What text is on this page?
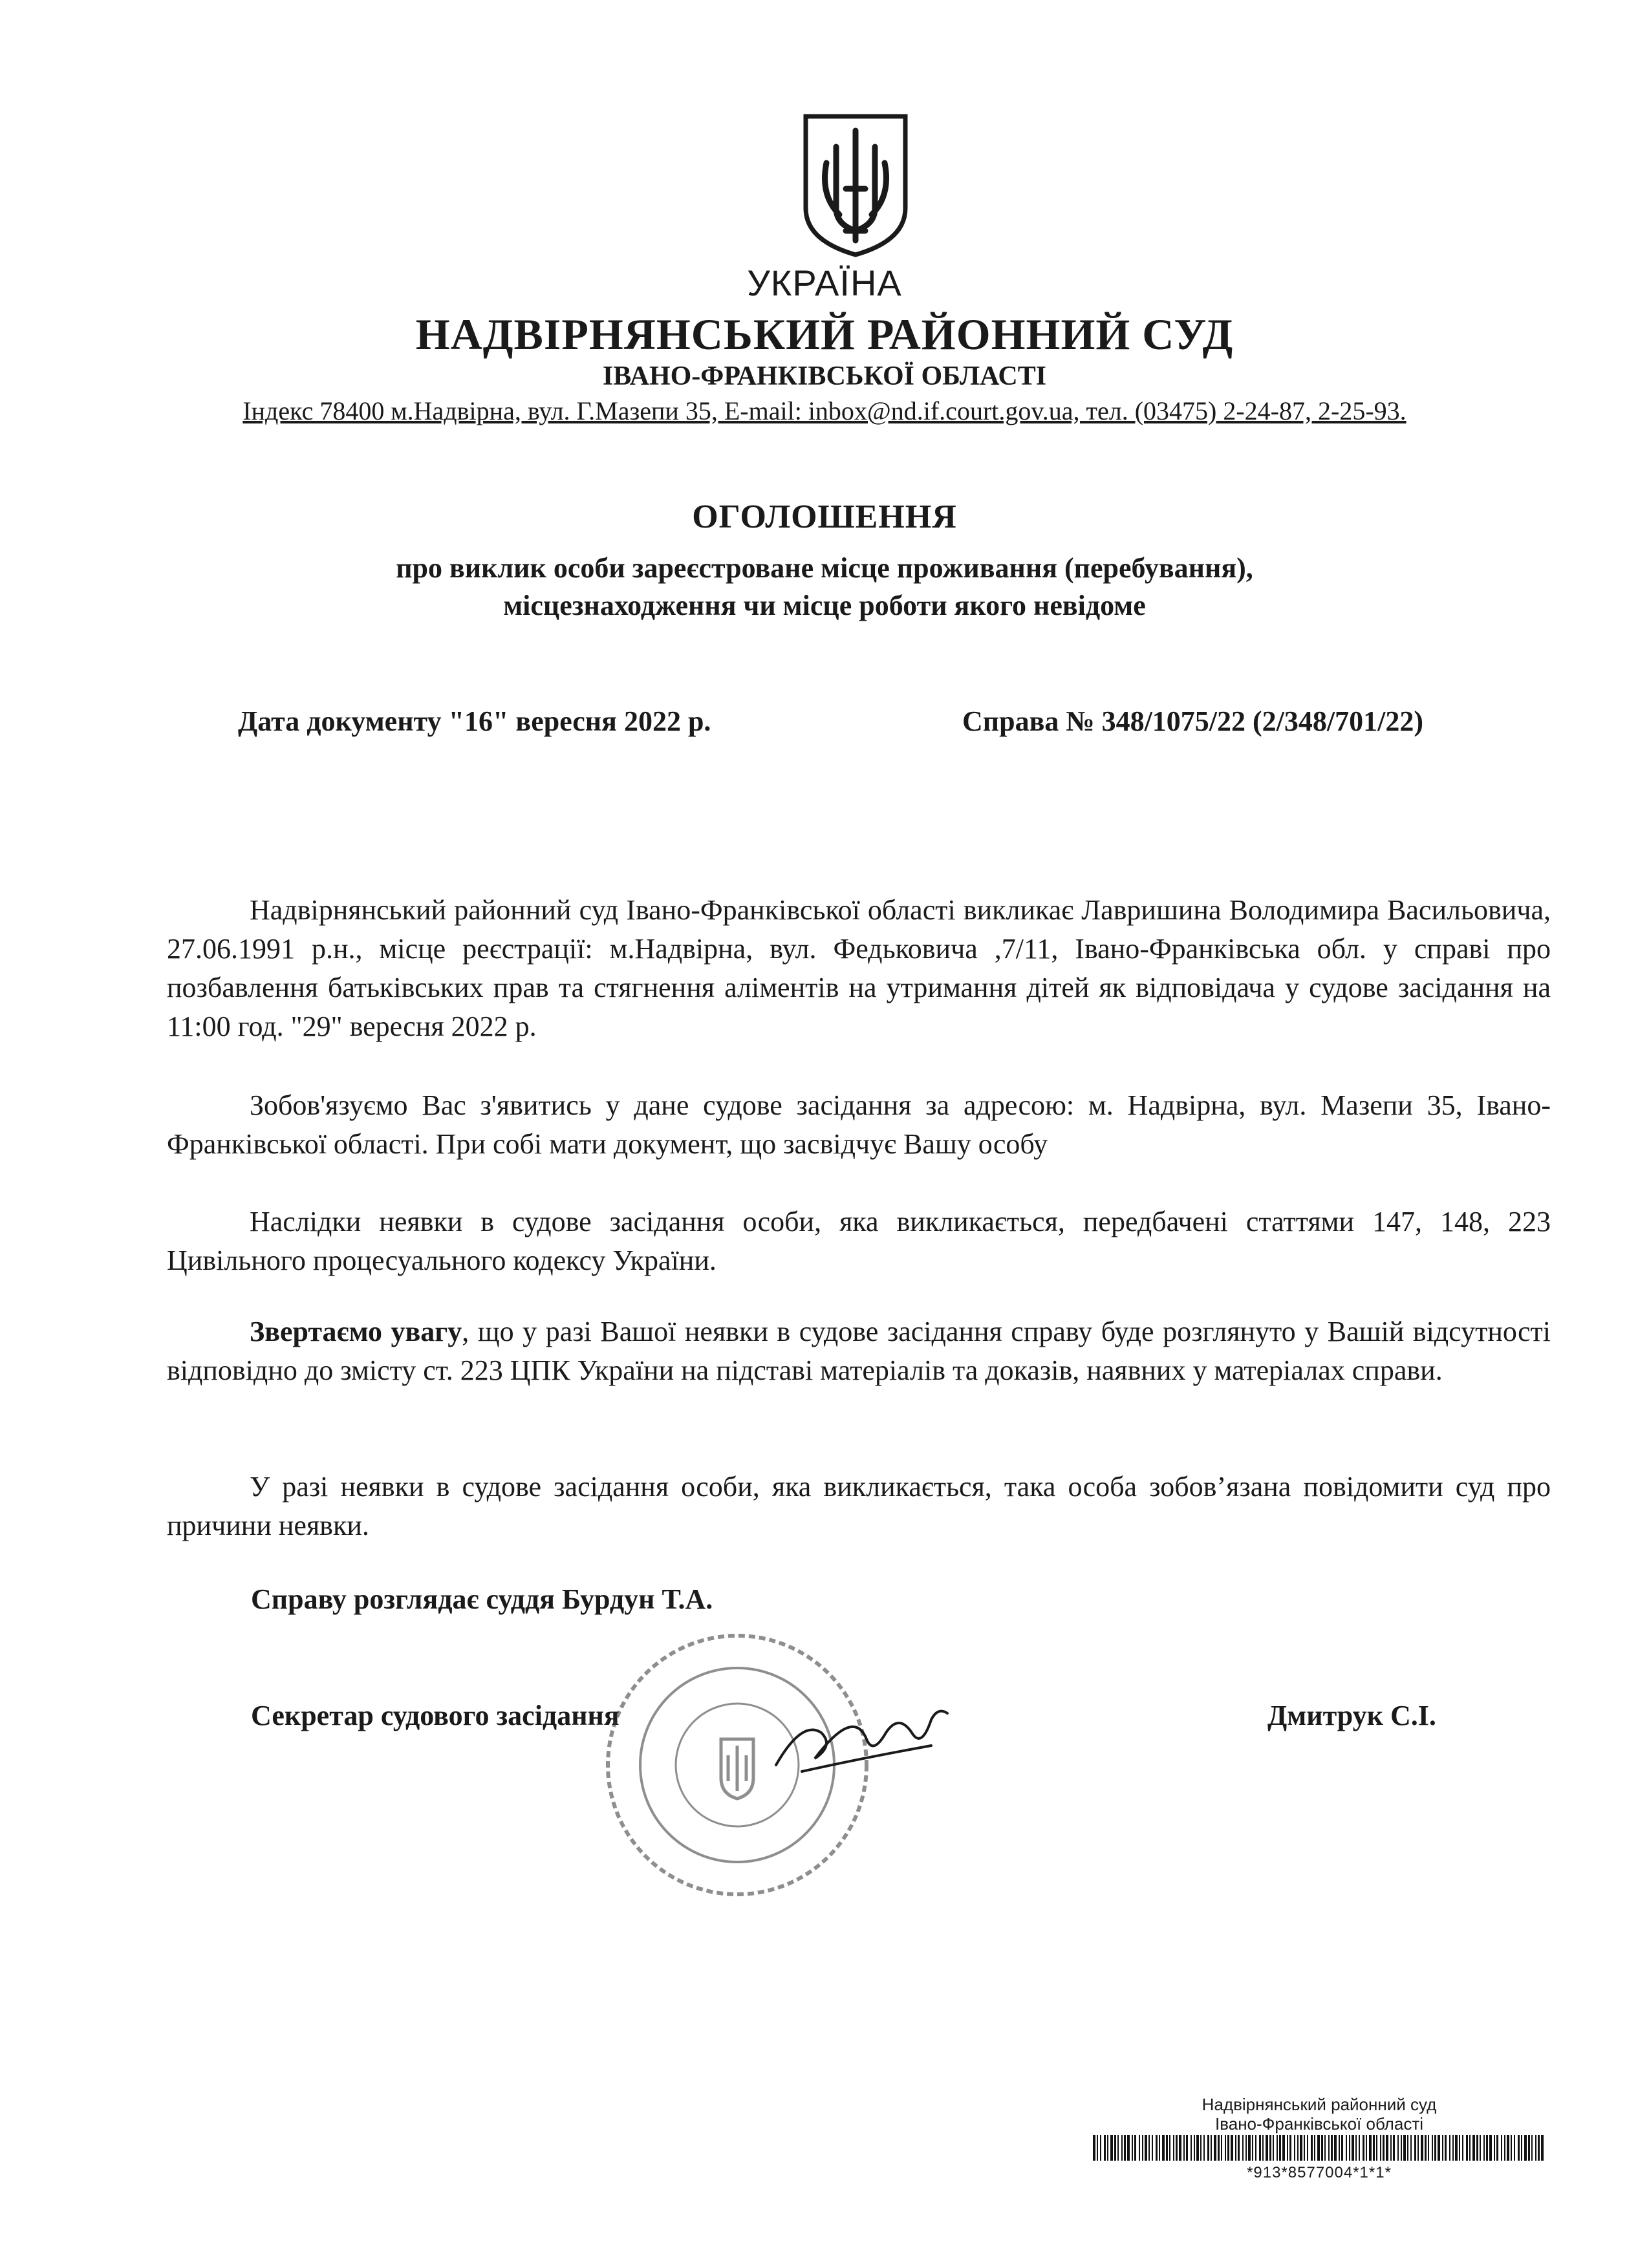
УКРАЇНА
НАДВІРНЯНСЬКИЙ РАЙОННИЙ СУД
ІВАНО-ФРАНКІВСЬКОЇ ОБЛАСТІ
Індекс 78400 м.Надвірна, вул. Г.Мазепи 35, E-mail: inbox@nd.if.court.gov.ua, тел. (03475) 2-24-87, 2-25-93.
ОГОЛОШЕННЯ
про виклик особи зареєстроване місце проживання (перебування),
місцезнаходження чи місце роботи якого невідоме
Дата документу "16" вересня 2022 р.	Справа № 348/1075/22 (2/348/701/22)
Надвірнянський районний суд Івано-Франківської області викликає Лавришина Володимира Васильовича, 27.06.1991 р.н., місце реєстрації: м.Надвірна, вул. Федьковича ,7/11, Івано-Франківська обл. у справі про позбавлення батьківських прав та стягнення аліментів на утримання дітей як відповідача у судове засідання на 11:00 год. "29" вересня 2022 р.
Зобов'язуємо Вас з'явитись у дане судове засідання за адресою: м. Надвірна, вул. Мазепи 35, Івано-Франківської області. При собі мати документ, що засвідчує Вашу особу
Наслідки неявки в судове засідання особи, яка викликається, передбачені статтями 147, 148, 223 Цивільного процесуального кодексу України.
Звертаємо увагу, що у разі Вашої неявки в судове засідання справу буде розглянуто у Вашій відсутності відповідно до змісту ст. 223 ЦПК України на підставі матеріалів та доказів, наявних у матеріалах справи.
У разі неявки в судове засідання особи, яка викликається, така особа зобов’язана повідомити суд про причини неявки.
Справу розглядає суддя Бурдун Т.А.
Секретар судового засідання	Дмитрук С.І.
Надвірнянський районний суд
Івано-Франківської області
*913*8577004*1*1*
